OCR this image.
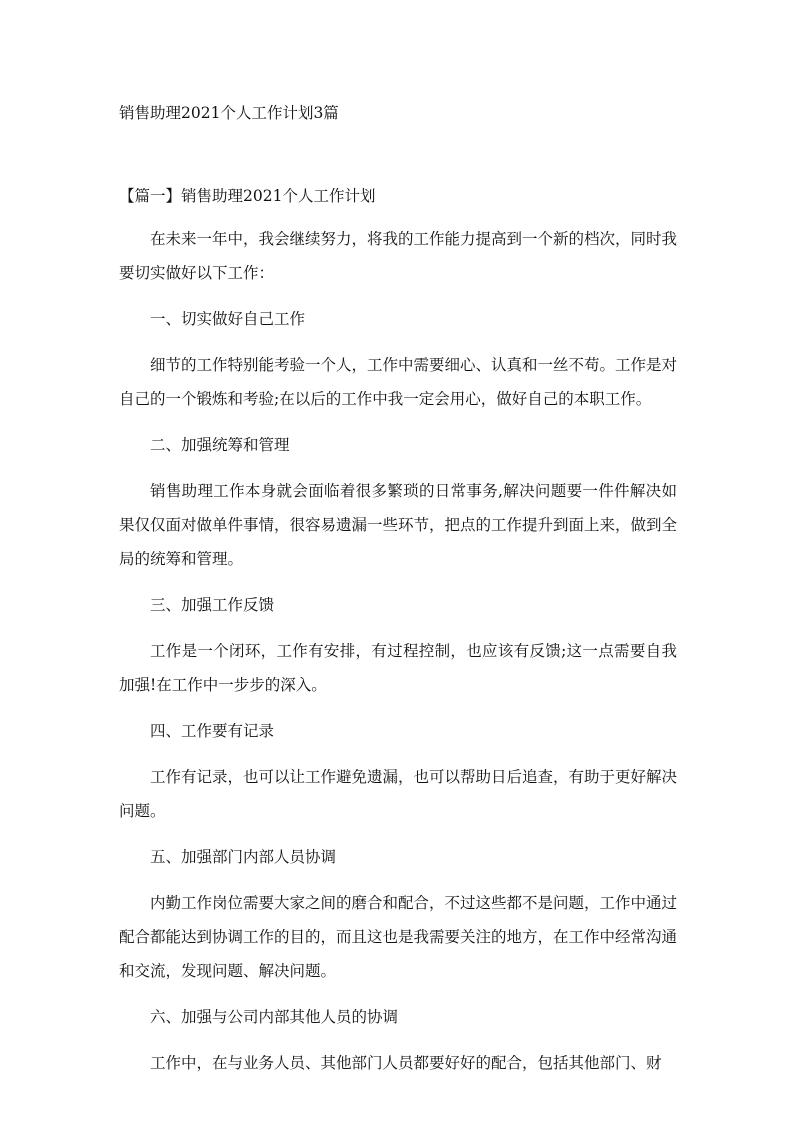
销售助理2021个人工作计划3篇
【篇一】销售助理2021个人工作计划

在未来一年中，我会继续努力，将我的工作能力提高到一个新的档次，同时我要切实做好以下工作：

一、切实做好自己工作

细节的工作特别能考验一个人，工作中需要细心、认真和一丝不苟。工作是对自己的一个锻炼和考验;在以后的工作中我一定会用心，做好自己的本职工作。

二、加强统筹和管理

销售助理工作本身就会面临着很多繁琐的日常事务,解决问题要一件件解决如果仅仅面对做单件事情，很容易遗漏一些环节，把点的工作提升到面上来，做到全局的统筹和管理。

三、加强工作反馈

工作是一个闭环，工作有安排，有过程控制，也应该有反馈;这一点需要自我加强!在工作中一步步的深入。

四、工作要有记录

工作有记录，也可以让工作避免遗漏，也可以帮助日后追查，有助于更好解决问题。

五、加强部门内部人员协调

内勤工作岗位需要大家之间的磨合和配合，不过这些都不是问题，工作中通过配合都能达到协调工作的目的，而且这也是我需要关注的地方，在工作中经常沟通和交流，发现问题、解决问题。

六、加强与公司内部其他人员的协调

工作中，在与业务人员、其他部门人员都要好好的配合，包括其他部门、财
